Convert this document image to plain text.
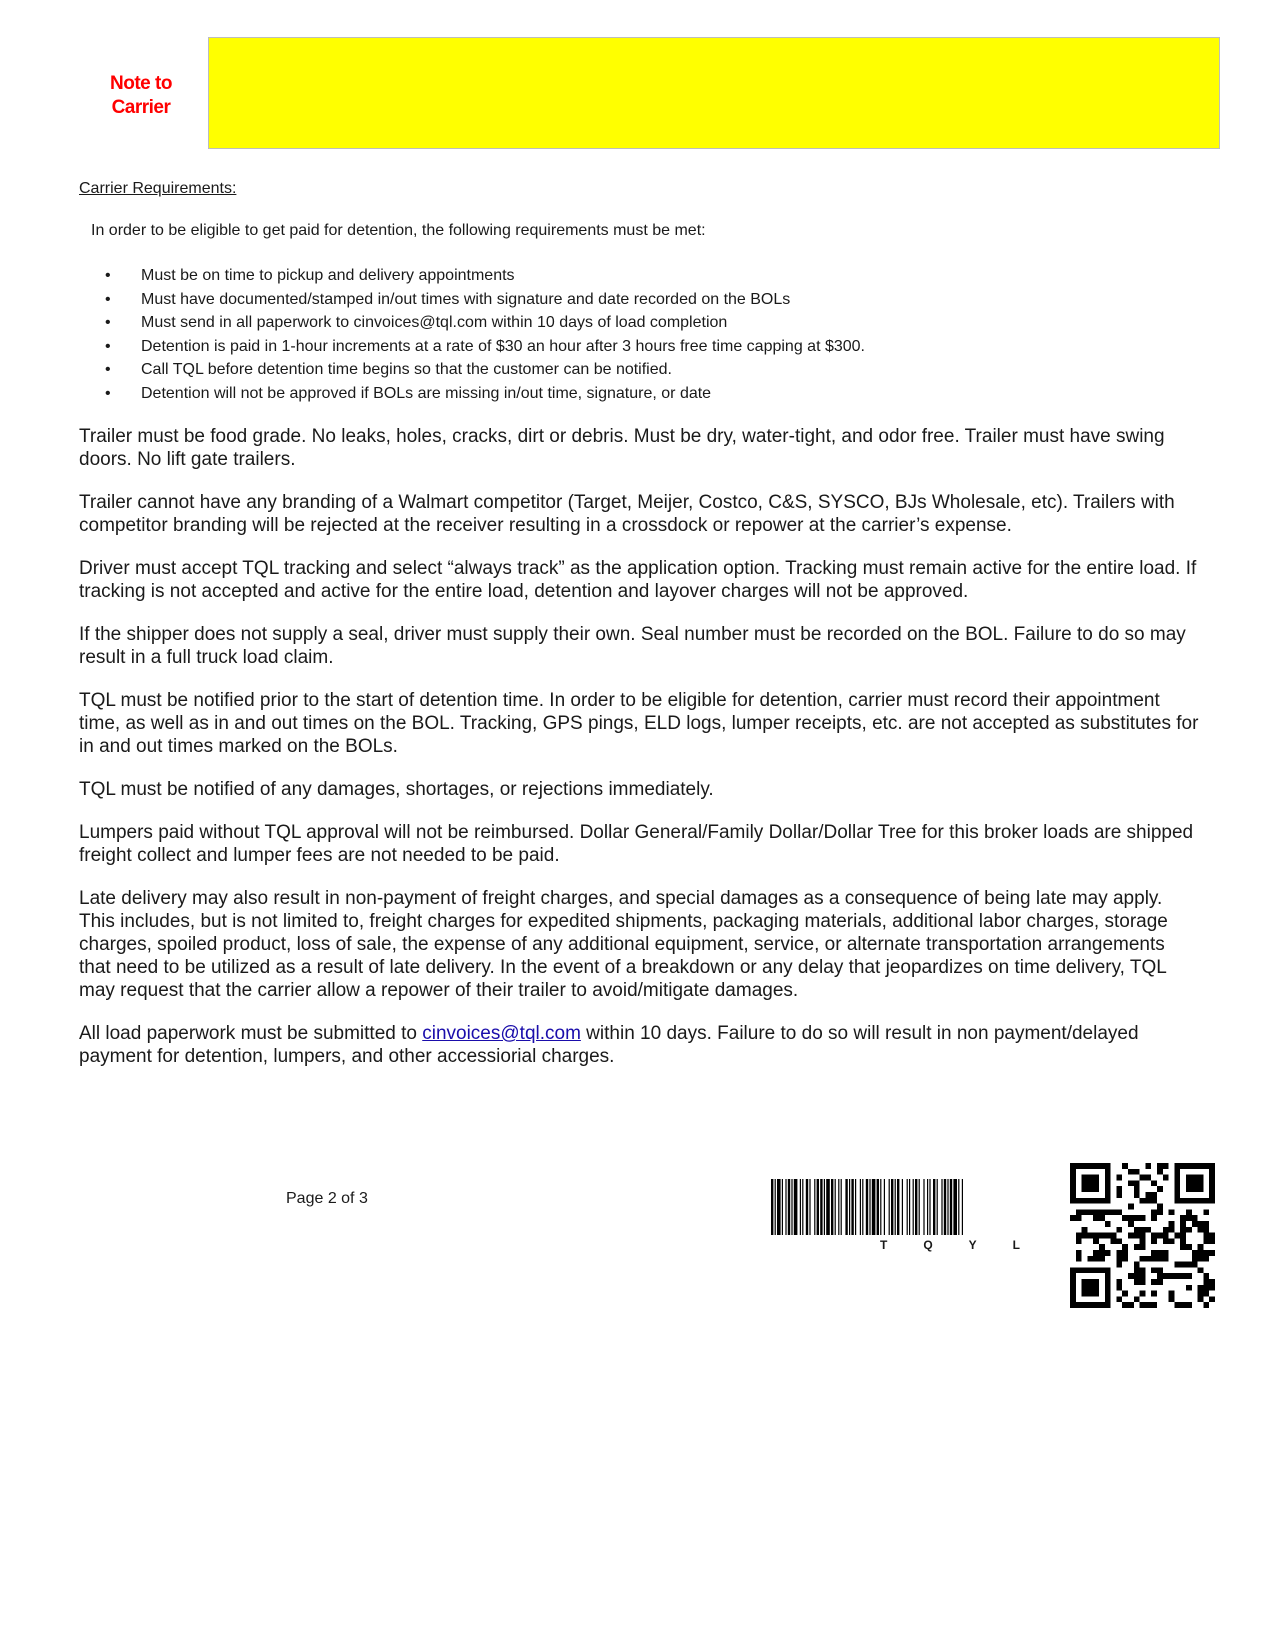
Note to
Carrier
Carrier Requirements:
In order to be eligible to get paid for detention, the following requirements must be met:
• Must be on time to pickup and delivery appointments
• Must have documented/stamped in/out times with signature and date recorded on the BOLs
• Must send in all paperwork to cinvoices@tql.com within 10 days of load completion
• Detention is paid in 1-hour increments at a rate of $30 an hour after 3 hours free time capping at $300.
• Call TQL before detention time begins so that the customer can be notified.
• Detention will not be approved if BOLs are missing in/out time, signature, or date

Trailer must be food grade. No leaks, holes, cracks, dirt or debris. Must be dry, water-tight, and odor free. Trailer must have swing doors. No lift gate trailers.

Trailer cannot have any branding of a Walmart competitor (Target, Meijer, Costco, C&S, SYSCO, BJs Wholesale, etc). Trailers with competitor branding will be rejected at the receiver resulting in a crossdock or repower at the carrier’s expense.

Driver must accept TQL tracking and select “always track” as the application option. Tracking must remain active for the entire load. If tracking is not accepted and active for the entire load, detention and layover charges will not be approved.

If the shipper does not supply a seal, driver must supply their own. Seal number must be recorded on the BOL. Failure to do so may result in a full truck load claim.

TQL must be notified prior to the start of detention time. In order to be eligible for detention, carrier must record their appointment time, as well as in and out times on the BOL. Tracking, GPS pings, ELD logs, lumper receipts, etc. are not accepted as substitutes for in and out times marked on the BOLs.

TQL must be notified of any damages, shortages, or rejections immediately.

Lumpers paid without TQL approval will not be reimbursed. Dollar General/Family Dollar/Dollar Tree for this broker loads are shipped freight collect and lumper fees are not needed to be paid.

Late delivery may also result in non-payment of freight charges, and special damages as a consequence of being late may apply. This includes, but is not limited to, freight charges for expedited shipments, packaging materials, additional labor charges, storage charges, spoiled product, loss of sale, the expense of any additional equipment, service, or alternate transportation arrangements that need to be utilized as a result of late delivery. In the event of a breakdown or any delay that jeopardizes on time delivery, TQL may request that the carrier allow a repower of their trailer to avoid/mitigate damages.

All load paperwork must be submitted to cinvoices@tql.com within 10 days. Failure to do so will result in non payment/delayed payment for detention, lumpers, and other accessiorial charges.

Page 2 of 3
T	Q	Y	L
